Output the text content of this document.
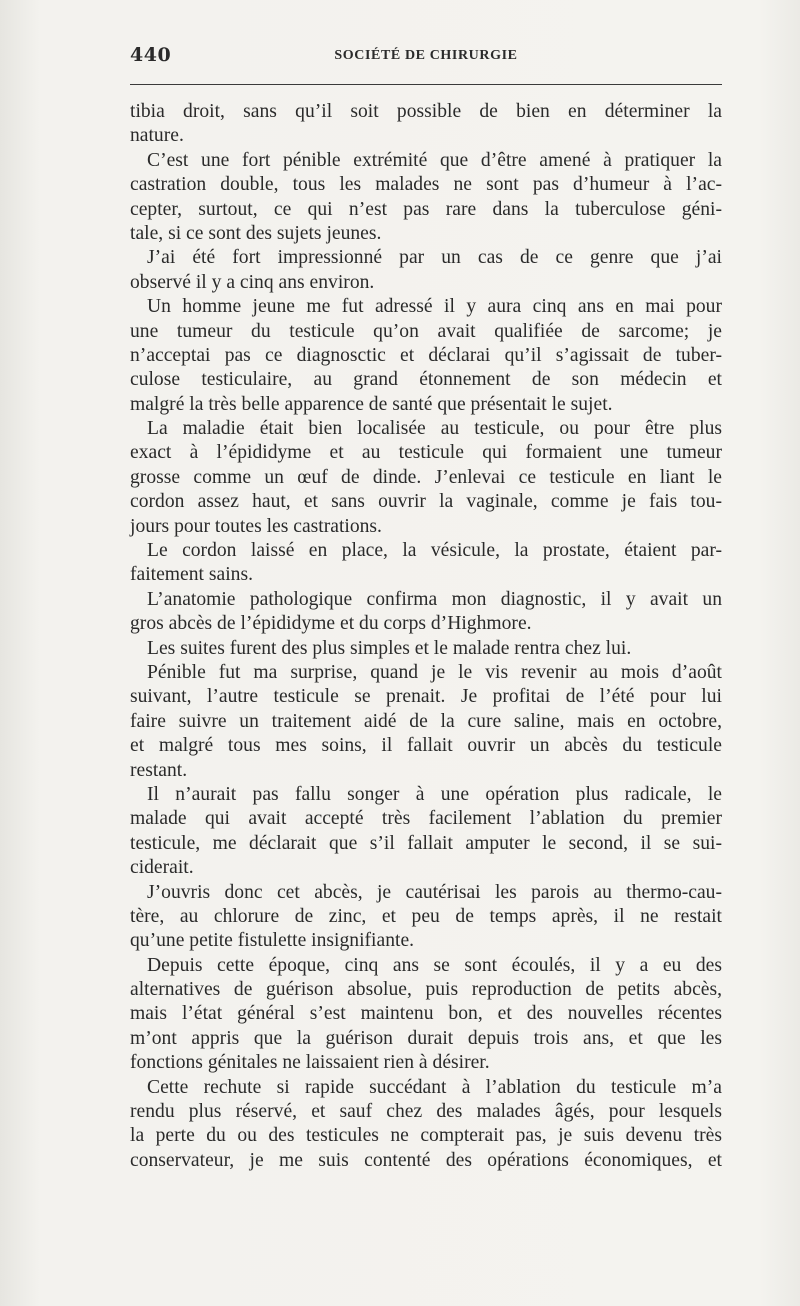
440	SOCIÉTÉ DE CHIRURGIE
tibia droit, sans qu’il soit possible de bien en déterminer la
nature.
C’est une fort pénible extrémité que d’être amené à pratiquer la
castration double, tous les malades ne sont pas d’humeur à l’ac-
cepter, surtout, ce qui n’est pas rare dans la tuberculose géni-
tale, si ce sont des sujets jeunes.
J’ai été fort impressionné par un cas de ce genre que j’ai
observé il y a cinq ans environ.
Un homme jeune me fut adressé il y aura cinq ans en mai pour
une tumeur du testicule qu’on avait qualifiée de sarcome; je
n’acceptai pas ce diagnosctic et déclarai qu’il s’agissait de tuber-
culose testiculaire, au grand étonnement de son médecin et
malgré la très belle apparence de santé que présentait le sujet.
La maladie était bien localisée au testicule, ou pour être plus
exact à l’épididyme et au testicule qui formaient une tumeur
grosse comme un œuf de dinde. J’enlevai ce testicule en liant le
cordon assez haut, et sans ouvrir la vaginale, comme je fais tou-
jours pour toutes les castrations.
Le cordon laissé en place, la vésicule, la prostate, étaient par-
faitement sains.
L’anatomie pathologique confirma mon diagnostic, il y avait un
gros abcès de l’épididyme et du corps d’Highmore.
Les suites furent des plus simples et le malade rentra chez lui.
Pénible fut ma surprise, quand je le vis revenir au mois d’août
suivant, l’autre testicule se prenait. Je profitai de l’été pour lui
faire suivre un traitement aidé de la cure saline, mais en octobre,
et malgré tous mes soins, il fallait ouvrir un abcès du testicule
restant.
Il n’aurait pas fallu songer à une opération plus radicale, le
malade qui avait accepté très facilement l’ablation du premier
testicule, me déclarait que s’il fallait amputer le second, il se sui-
ciderait.
J’ouvris donc cet abcès, je cautérisai les parois au thermo-cau-
tère, au chlorure de zinc, et peu de temps après, il ne restait
qu’une petite fistulette insignifiante.
Depuis cette époque, cinq ans se sont écoulés, il y a eu des
alternatives de guérison absolue, puis reproduction de petits abcès,
mais l’état général s’est maintenu bon, et des nouvelles récentes
m’ont appris que la guérison durait depuis trois ans, et que les
fonctions génitales ne laissaient rien à désirer.
Cette rechute si rapide succédant à l’ablation du testicule m’a
rendu plus réservé, et sauf chez des malades âgés, pour lesquels
la perte du ou des testicules ne compterait pas, je suis devenu très
conservateur, je me suis contenté des opérations économiques, et
